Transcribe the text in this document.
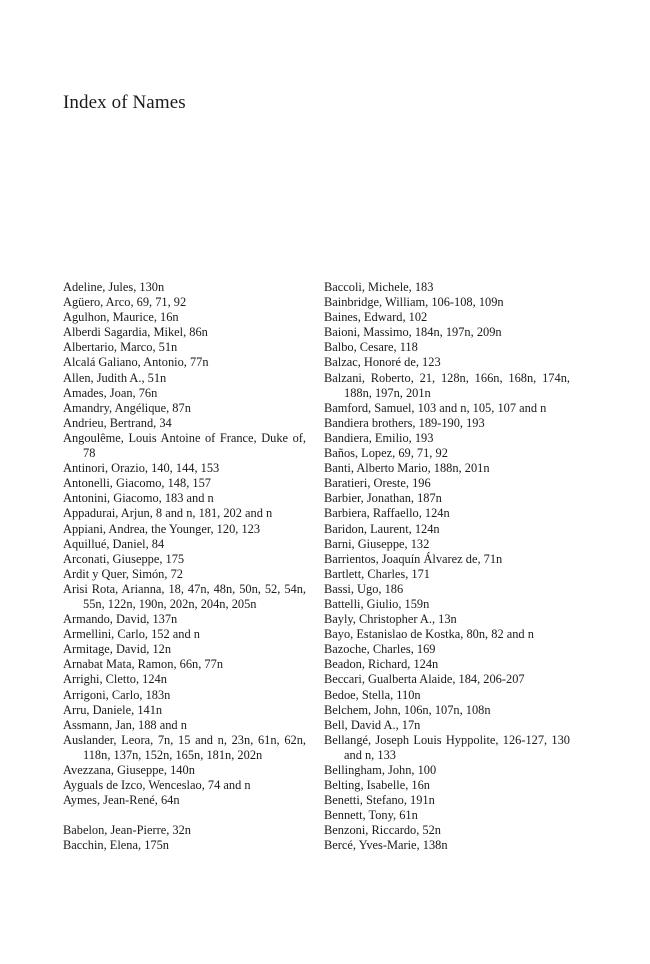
Index of Names
Adeline, Jules, 130n
Agüero, Arco, 69, 71, 92
Agulhon, Maurice, 16n
Alberdi Sagardia, Mikel, 86n
Albertario, Marco, 51n
Alcalá Galiano, Antonio, 77n
Allen, Judith A., 51n
Amades, Joan, 76n
Amandry, Angélique, 87n
Andrieu, Bertrand, 34
Angoulême, Louis Antoine of France, Duke of, 78
Antinori, Orazio, 140, 144, 153
Antonelli, Giacomo, 148, 157
Antonini, Giacomo, 183 and n
Appadurai, Arjun, 8 and n, 181, 202 and n
Appiani, Andrea, the Younger, 120, 123
Aquillué, Daniel, 84
Arconati, Giuseppe, 175
Ardit y Quer, Simón, 72
Arisi Rota, Arianna, 18, 47n, 48n, 50n, 52, 54n, 55n, 122n, 190n, 202n, 204n, 205n
Armando, David, 137n
Armellini, Carlo, 152 and n
Armitage, David, 12n
Arnabat Mata, Ramon, 66n, 77n
Arrighi, Cletto, 124n
Arrigoni, Carlo, 183n
Arru, Daniele, 141n
Assmann, Jan, 188 and n
Auslander, Leora, 7n, 15 and n, 23n, 61n, 62n, 118n, 137n, 152n, 165n, 181n, 202n
Avezzana, Giuseppe, 140n
Ayguals de Izco, Wenceslao, 74 and n
Aymes, Jean-René, 64n
Babelon, Jean-Pierre, 32n
Bacchin, Elena, 175n
Baccoli, Michele, 183
Bainbridge, William, 106-108, 109n
Baines, Edward, 102
Baioni, Massimo, 184n, 197n, 209n
Balbo, Cesare, 118
Balzac, Honoré de, 123
Balzani, Roberto, 21, 128n, 166n, 168n, 174n, 188n, 197n, 201n
Bamford, Samuel, 103 and n, 105, 107 and n
Bandiera brothers, 189-190, 193
Bandiera, Emilio, 193
Baños, Lopez, 69, 71, 92
Banti, Alberto Mario, 188n, 201n
Baratieri, Oreste, 196
Barbier, Jonathan, 187n
Barbiera, Raffaello, 124n
Baridon, Laurent, 124n
Barni, Giuseppe, 132
Barrientos, Joaquín Álvarez de, 71n
Bartlett, Charles, 171
Bassi, Ugo, 186
Battelli, Giulio, 159n
Bayly, Christopher A., 13n
Bayo, Estanislao de Kostka, 80n, 82 and n
Bazoche, Charles, 169
Beadon, Richard, 124n
Beccari, Gualberta Alaide, 184, 206-207
Bedoe, Stella, 110n
Belchem, John, 106n, 107n, 108n
Bell, David A., 17n
Bellangé, Joseph Louis Hyppolite, 126-127, 130 and n, 133
Bellingham, John, 100
Belting, Isabelle, 16n
Benetti, Stefano, 191n
Bennett, Tony, 61n
Benzoni, Riccardo, 52n
Bercé, Yves-Marie, 138n
